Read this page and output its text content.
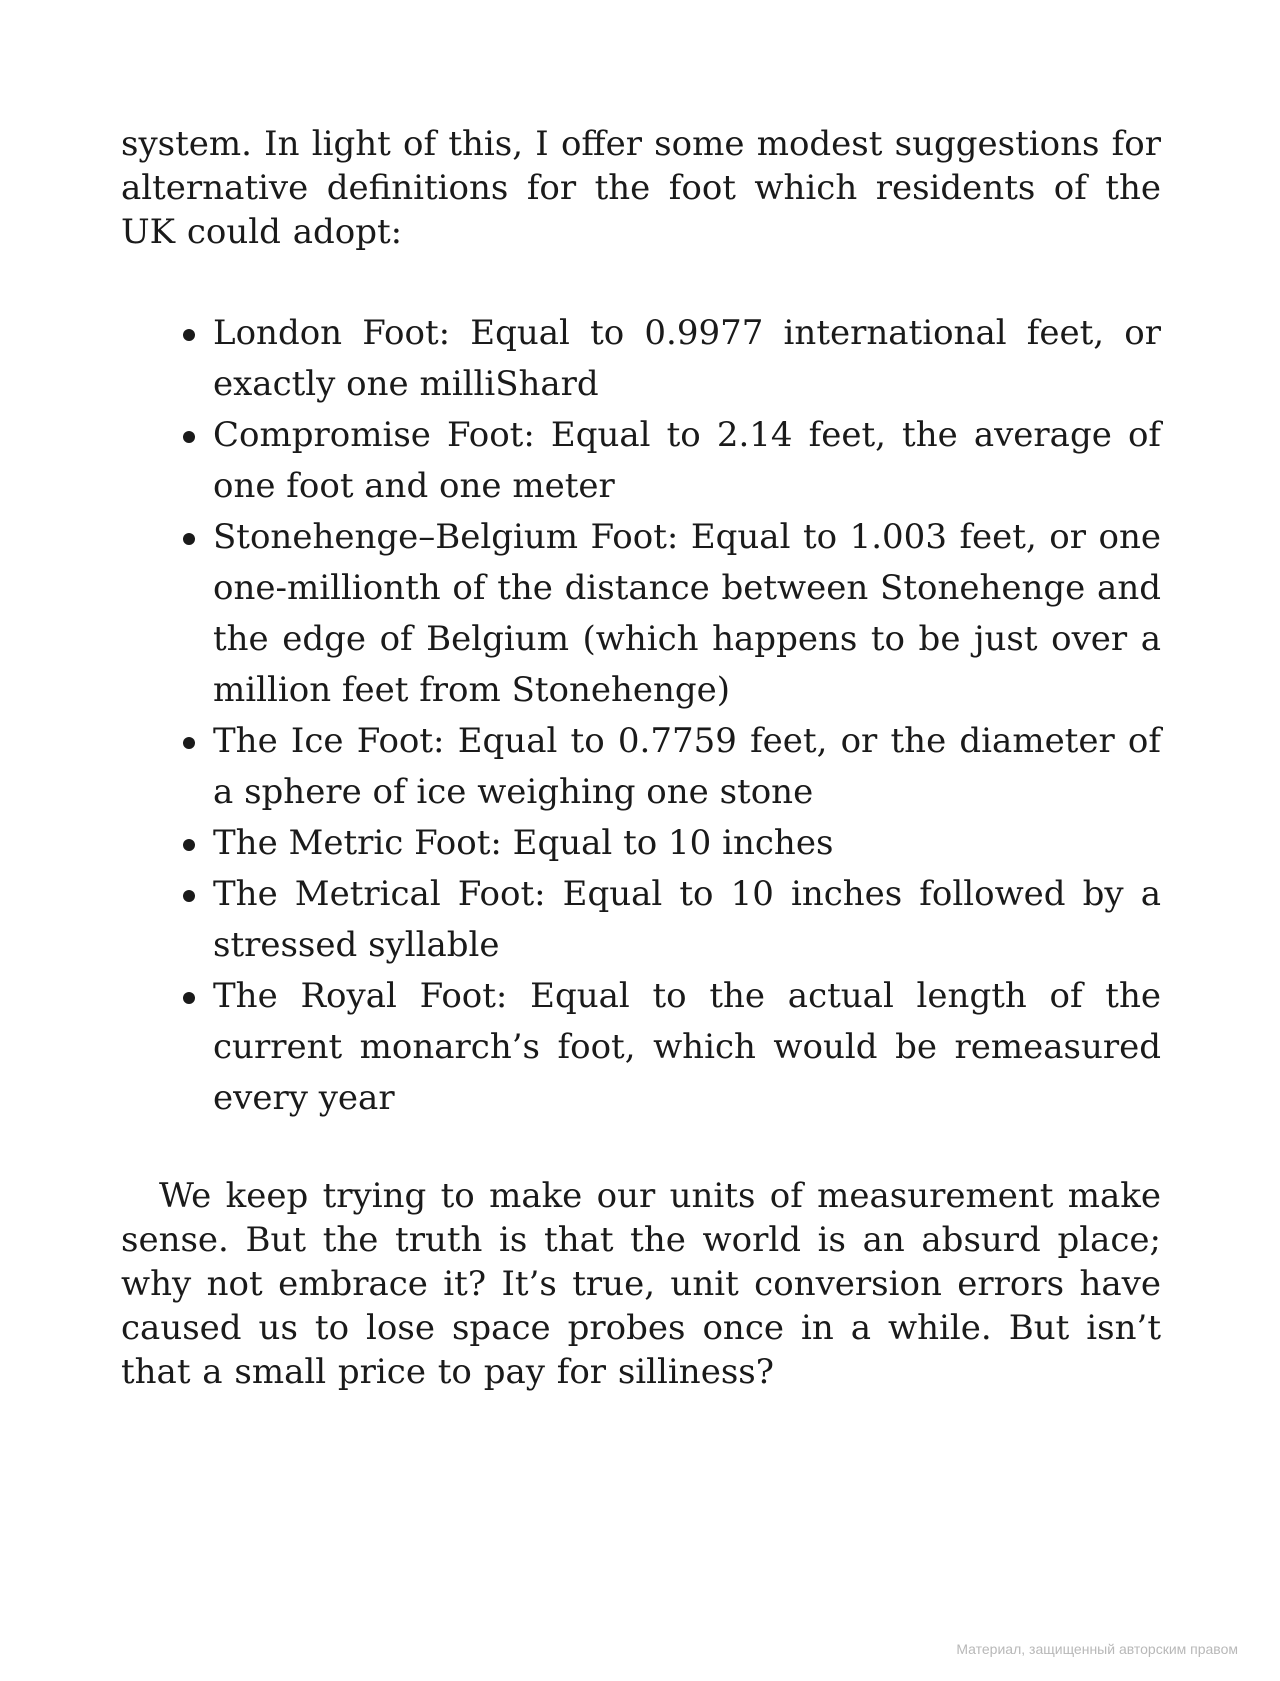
system. In light of this, I offer some modest suggestions for alternative definitions for the foot which residents of the UK could adopt:

London Foot: Equal to 0.9977 international feet, or exactly one milliShard
Compromise Foot: Equal to 2.14 feet, the average of one foot and one meter
Stonehenge–Belgium Foot: Equal to 1.003 feet, or one one-millionth of the distance between Stonehenge and the edge of Belgium (which happens to be just over a million feet from Stonehenge)
The Ice Foot: Equal to 0.7759 feet, or the diameter of a sphere of ice weighing one stone
The Metric Foot: Equal to 10 inches
The Metrical Foot: Equal to 10 inches followed by a stressed syllable
The Royal Foot: Equal to the actual length of the current monarch’s foot, which would be remeasured every year

We keep trying to make our units of measurement make sense. But the truth is that the world is an absurd place; why not embrace it? It’s true, unit conversion errors have caused us to lose space probes once in a while. But isn’t that a small price to pay for silliness?

Материал, защищенный авторским правом
